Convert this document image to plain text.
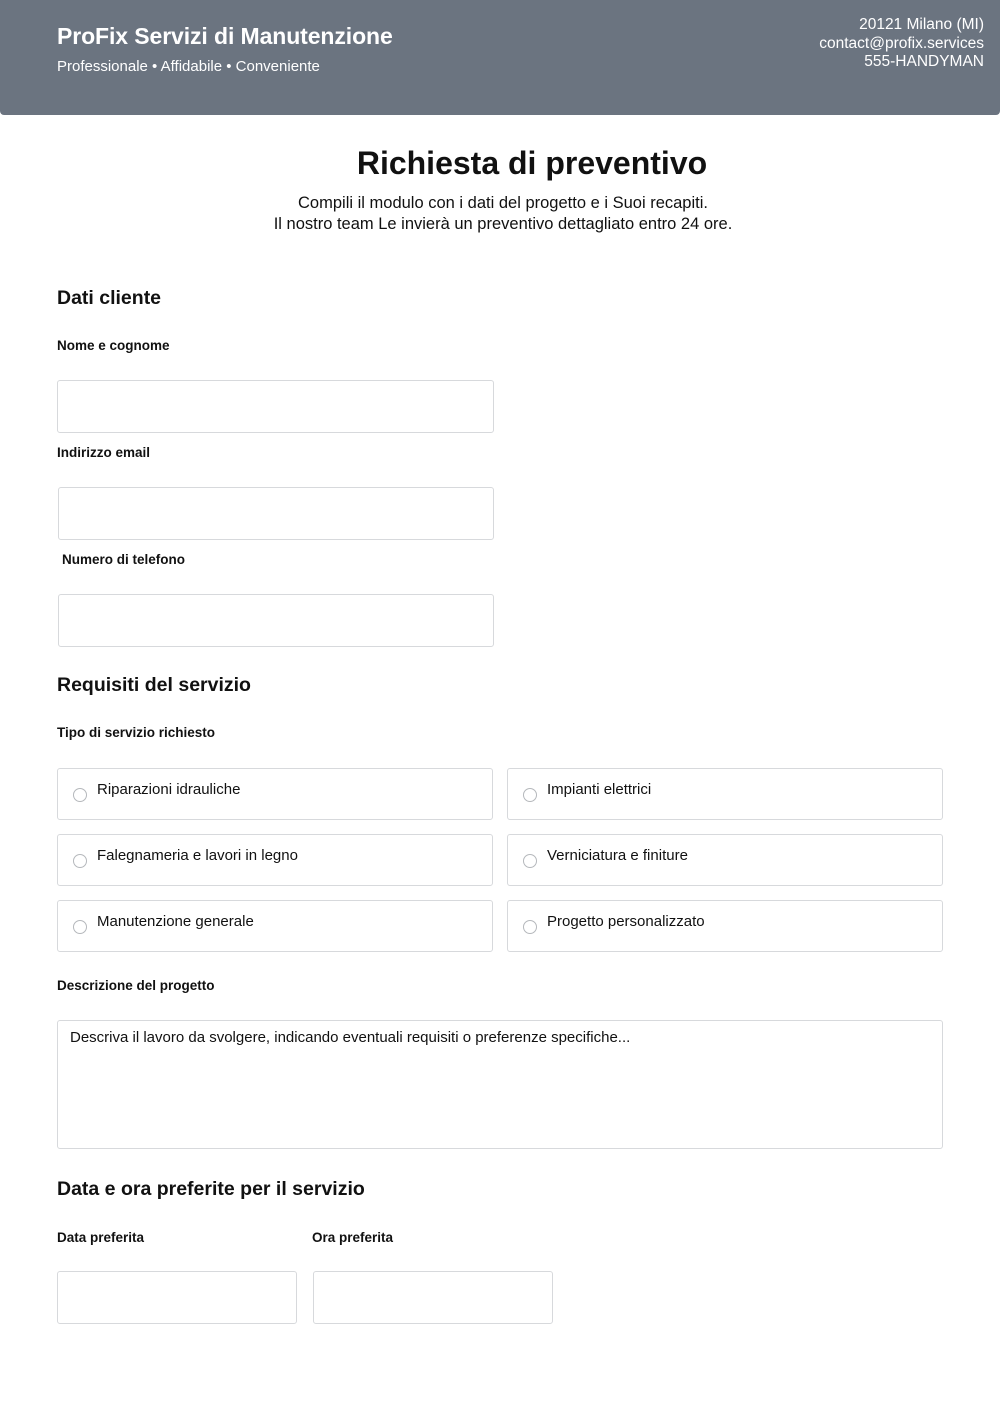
ProFix Servizi di Manutenzione
Professionale • Affidabile • Conveniente
20121 Milano (MI)
contact@profix.services
555-HANDYMAN
Richiesta di preventivo
Compili il modulo con i dati del progetto e i Suoi recapiti.
Il nostro team Le invierà un preventivo dettagliato entro 24 ore.
Dati cliente
Nome e cognome
Indirizzo email
Numero di telefono
Requisiti del servizio
Tipo di servizio richiesto
Riparazioni idrauliche	Impianti elettrici
Falegnameria e lavori in legno	Verniciatura e finiture
Manutenzione generale	Progetto personalizzato
Descrizione del progetto
Descriva il lavoro da svolgere, indicando eventuali requisiti o preferenze specifiche...
Data e ora preferite per il servizio
Data preferita	Ora preferita
